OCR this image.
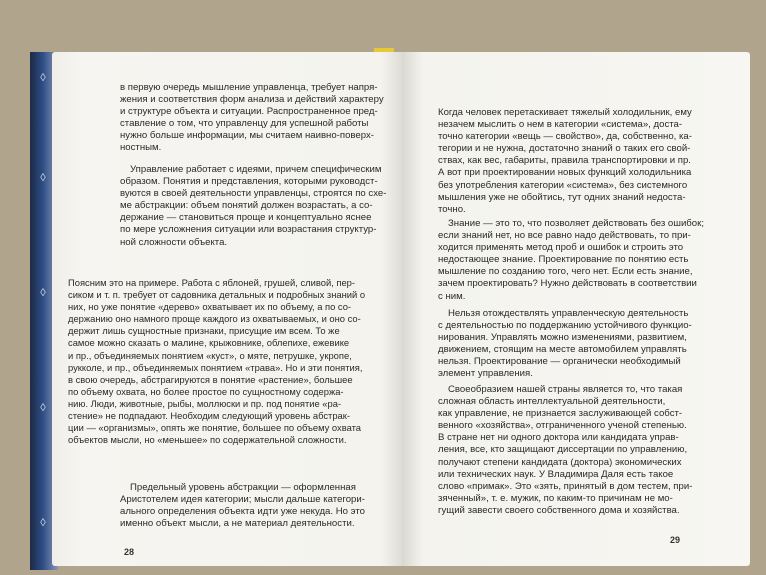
◊
◊
◊
◊
◊
в первую очередь мышление управленца, требует напря-
жения и соответствия форм анализа и действий характеру
и структуре объекта и ситуации. Распространенное пред-
ставление о том, что управленцу для успешной работы
нужно больше информации, мы считаем наивно-поверх-
ностным.
Управление работает с идеями, причем специфическим
образом. Понятия и представления, которыми руководст-
вуются в своей деятельности управленцы, строятся по схе-
ме абстракции: объем понятий должен возрастать, а со-
держание — становиться проще и концептуально яснее
по мере усложнения ситуации или возрастания структур-
ной сложности объекта.
Поясним это на примере. Работа с яблоней, грушей, сливой, пер-
сиком и т. п. требует от садовника детальных и подробных знаний о
них, но уже понятие «дерево» охватывает их по объему, а по со-
держанию оно намного проще каждого из охватываемых, и оно со-
держит лишь сущностные признаки, присущие им всем. То же
самое можно сказать о малине, крыжовнике, облепихе, ежевике
и пр., объединяемых понятием «куст», о мяте, петрушке, укропе,
рукколе, и пр., объединяемых понятием «трава». Но и эти понятия,
в свою очередь, абстрагируются в понятие «растение», большее
по объему охвата, но более простое по сущностному содержа-
нию. Люди, животные, рыбы, моллюски и пр. под понятие «ра-
стение» не подпадают. Необходим следующий уровень абстрак-
ции — «организмы», опять же понятие, большее по объему охвата
объектов мысли, но «меньшее» по содержательной сложности.
Предельный уровень абстракции — оформленная
Аристотелем идея категории; мысли дальше категори-
ального определения объекта идти уже некуда. Но это
именно объект мысли, а не материал деятельности.
28
Когда человек перетаскивает тяжелый холодильник, ему
незачем мыслить о нем в категории «система», доста-
точно категории «вещь — свойство», да, собственно, ка-
тегории и не нужна, достаточно знаний о таких его свой-
ствах, как вес, габариты, правила транспортировки и пр.
А вот при проектировании новых функций холодильника
без употребления категории «система», без системного
мышления уже не обойтись, тут одних знаний недоста-
точно.
Знание — это то, что позволяет действовать без ошибок;
если знаний нет, но все равно надо действовать, то при-
ходится применять метод проб и ошибок и строить это
недостающее знание. Проектирование по понятию есть
мышление по созданию того, чего нет. Если есть знание,
зачем проектировать? Нужно действовать в соответствии
с ним.
Нельзя отождествлять управленческую деятельность
с деятельностью по поддержанию устойчивого функцио-
нирования. Управлять можно изменениями, развитием,
движением, стоящим на месте автомобилем управлять
нельзя. Проектирование — органически необходимый
элемент управления.
Своеобразием нашей страны является то, что такая
сложная область интеллектуальной деятельности,
как управление, не признается заслуживающей собст-
венного «хозяйства», отграниченного ученой степенью.
В стране нет ни одного доктора или кандидата управ-
ления, все, кто защищают диссертации по управлению,
получают степени кандидата (доктора) экономических
или технических наук. У Владимира Даля есть такое
слово «примак». Это «зять, принятый в дом тестем, при-
зяченный», т. е. мужик, по каким-то причинам не мо-
гущий завести своего собственного дома и хозяйства.
29
